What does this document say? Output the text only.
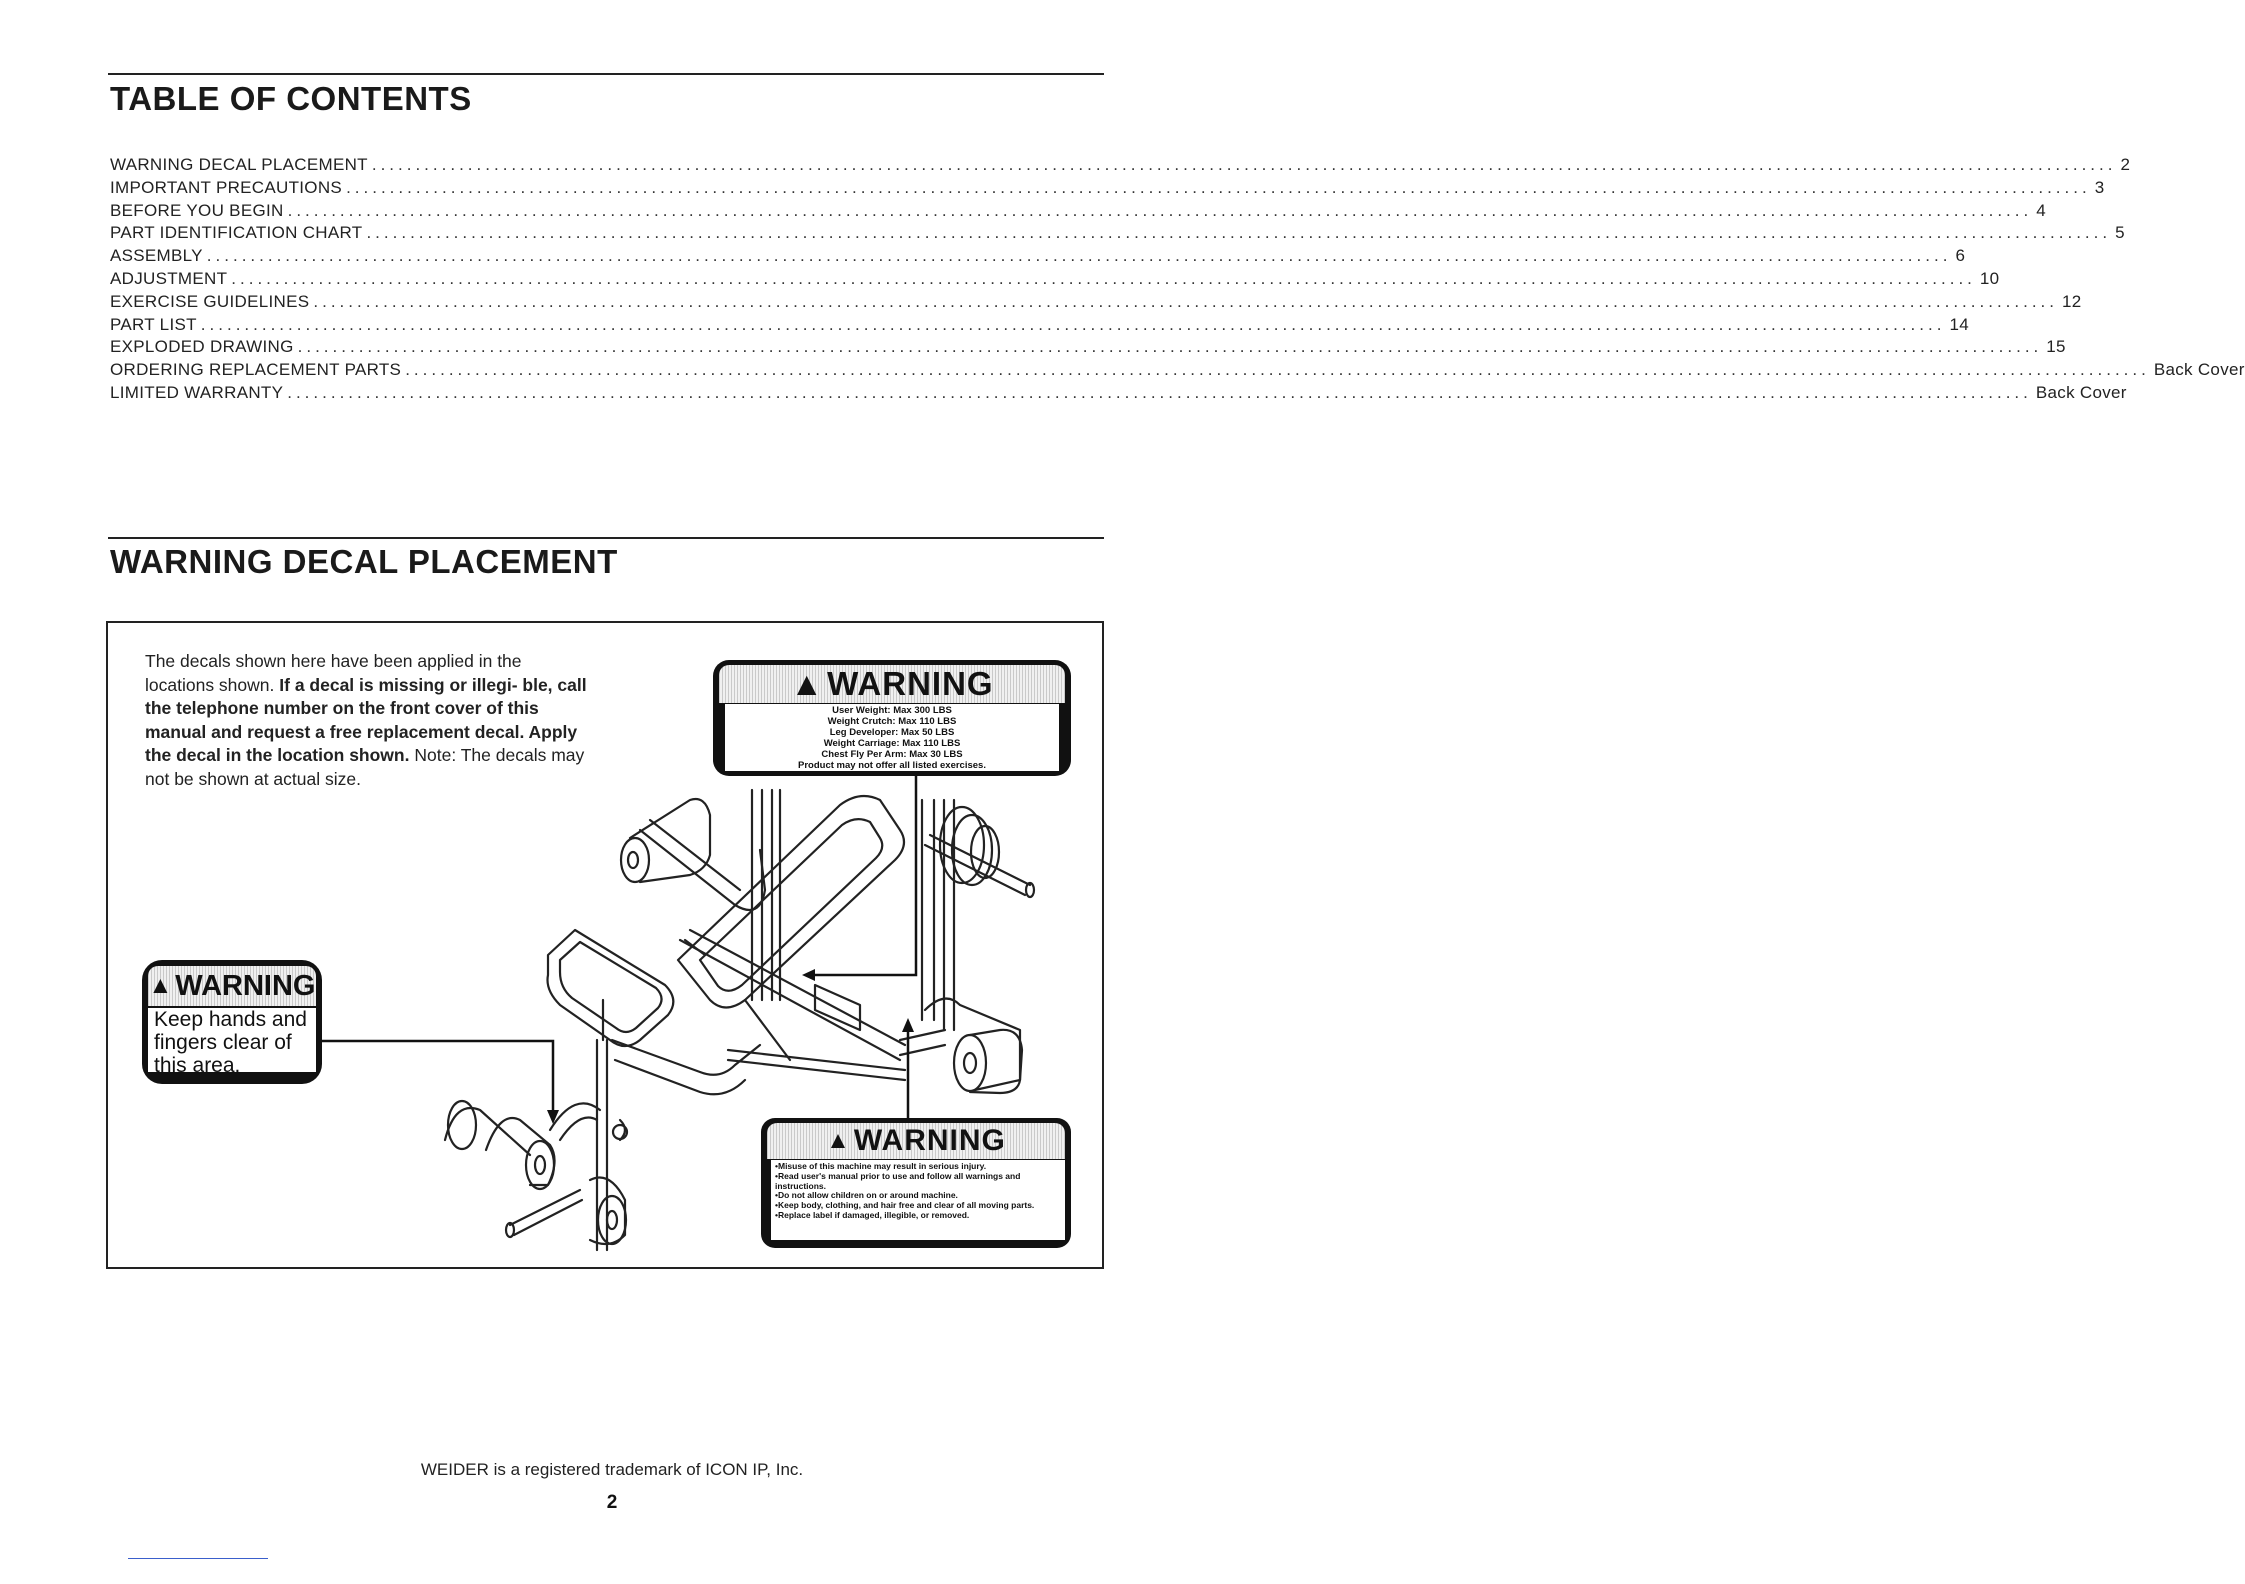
TABLE OF CONTENTS
WARNING DECAL PLACEMENT ........................................................................................................................................................................................................ 2
IMPORTANT PRECAUTIONS ........................................................................................................................................................................................................ 3
BEFORE YOU BEGIN ........................................................................................................................................................................................................ 4
PART IDENTIFICATION CHART ........................................................................................................................................................................................................ 5
ASSEMBLY ........................................................................................................................................................................................................ 6
ADJUSTMENT ........................................................................................................................................................................................................ 10
EXERCISE GUIDELINES ........................................................................................................................................................................................................ 12
PART LIST ........................................................................................................................................................................................................ 14
EXPLODED DRAWING ........................................................................................................................................................................................................ 15
ORDERING REPLACEMENT PARTS ........................................................................................................................................................................................................ Back Cover
LIMITED WARRANTY ........................................................................................................................................................................................................ Back Cover
WARNING DECAL PLACEMENT
The decals shown here have been applied in the locations shown. If a decal is missing or illegi- ble, call the telephone number on the front cover of this manual and request a free replacement decal. Apply the decal in the location shown. Note: The decals may not be shown at actual size.
▲ WARNING
User Weight: Max 300 LBS
Weight Crutch: Max 110 LBS
Leg Developer: Max 50 LBS
Weight Carriage: Max 110 LBS
Chest Fly Per Arm: Max 30 LBS
Product may not offer all listed exercises.
▲ WARNING
Keep hands and fingers clear of this area.
▲ WARNING
•Misuse of this machine may result in serious injury.
•Read user's manual prior to use and follow all warnings and instructions.
•Do not allow children on or around machine.
•Keep body, clothing, and hair free and clear of all moving parts.
•Replace label if damaged, illegible, or removed.
WEIDER is a registered trademark of ICON IP, Inc.
2
